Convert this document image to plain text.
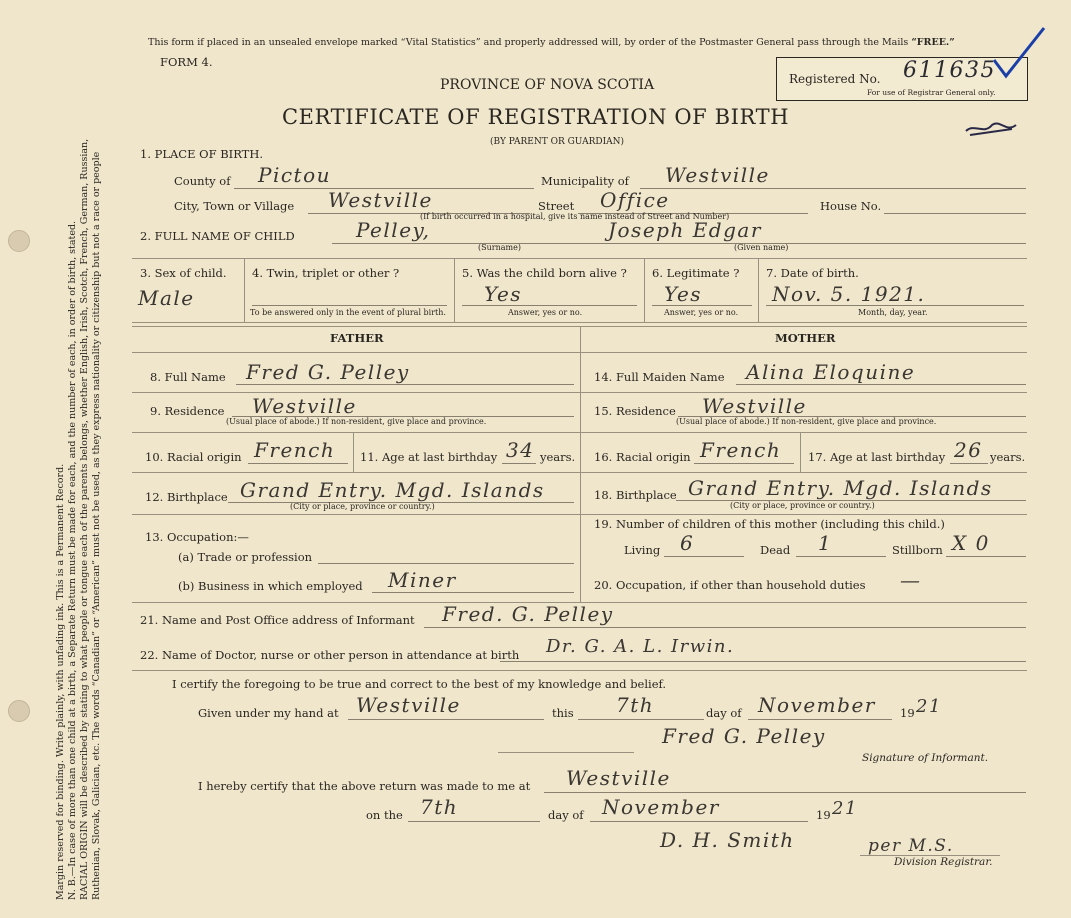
Margin reserved for binding. Write plainly, with unfading ink. This is a Permanent Record. N. B.—In case of more than one child at a birth, a Separate Return must be made for each, and the number of each, in order of birth, stated. RACIAL ORIGIN will be described by stating to what people or tongue each of the parents belongs, whether English, Irish, Scotch, French, German, Russian, Ruthenian, Slovak, Galician, etc. The words “Canadian” or “American” must not be used, as they express nationality or citizenship but not a race or people
This form if placed in an unsealed envelope marked “Vital Statistics” and properly addressed will, by order of the Postmaster General pass through the Mails “FREE.”
FORM 4.
PROVINCE OF NOVA SCOTIA
CERTIFICATE OF REGISTRATION OF BIRTH
(BY PARENT OR GUARDIAN)
Registered No. 611635
For use of Registrar General only.
1. PLACE OF BIRTH.
County of Pictou	Municipality of Westville
City, Town or Village Westville	Street Office	House No.
(If birth occurred in a hospital, give its name instead of Street and Number)
2. FULL NAME OF CHILD	Pelley,
(Surname)
Joseph Edgar
(Given name)
3. Sex of child.
Male
4. Twin, triplet or other ?
To be answered only in the event of plural birth.
5. Was the child born alive ?
Yes
Answer, yes or no.
6. Legitimate ?
Yes
Answer, yes or no.
7. Date of birth.
Nov. 5. 1921.
Month, day, year.
FATHER	MOTHER
8. Full Name Fred G. Pelley
9. Residence Westville
(Usual place of abode.) If non-resident, give place and province.
10. Racial origin French 11. Age at last birthday 34 years.
12. Birthplace Grand Entry. Mgd. Islands
(City or place, province or country.)
13. Occupation:—
(a) Trade or profession
(b) Business in which employed Miner
14. Full Maiden Name Alina Eloquine
15. Residence Westville
(Usual place of abode.) If non-resident, give place and province.
16. Racial origin French 17. Age at last birthday 26 years.
18. Birthplace Grand Entry. Mgd. Islands
(City or place, province or country.)
19. Number of children of this mother (including this child.)
Living 6	Dead 1	Stillborn X 0
20. Occupation, if other than household duties —
21. Name and Post Office address of Informant Fred. G. Pelley
22. Name of Doctor, nurse or other person in attendance at birth Dr. G. A. L. Irwin.
I certify the foregoing to be true and correct to the best of my knowledge and belief.
Given under my hand at Westville	this 7th	day of November 19 21
Fred G. Pelley
Signature of Informant.
I hereby certify that the above return was made to me at Westville
on the 7th	day of November	19 21
D. H. Smith	per M.S.
Division Registrar.
